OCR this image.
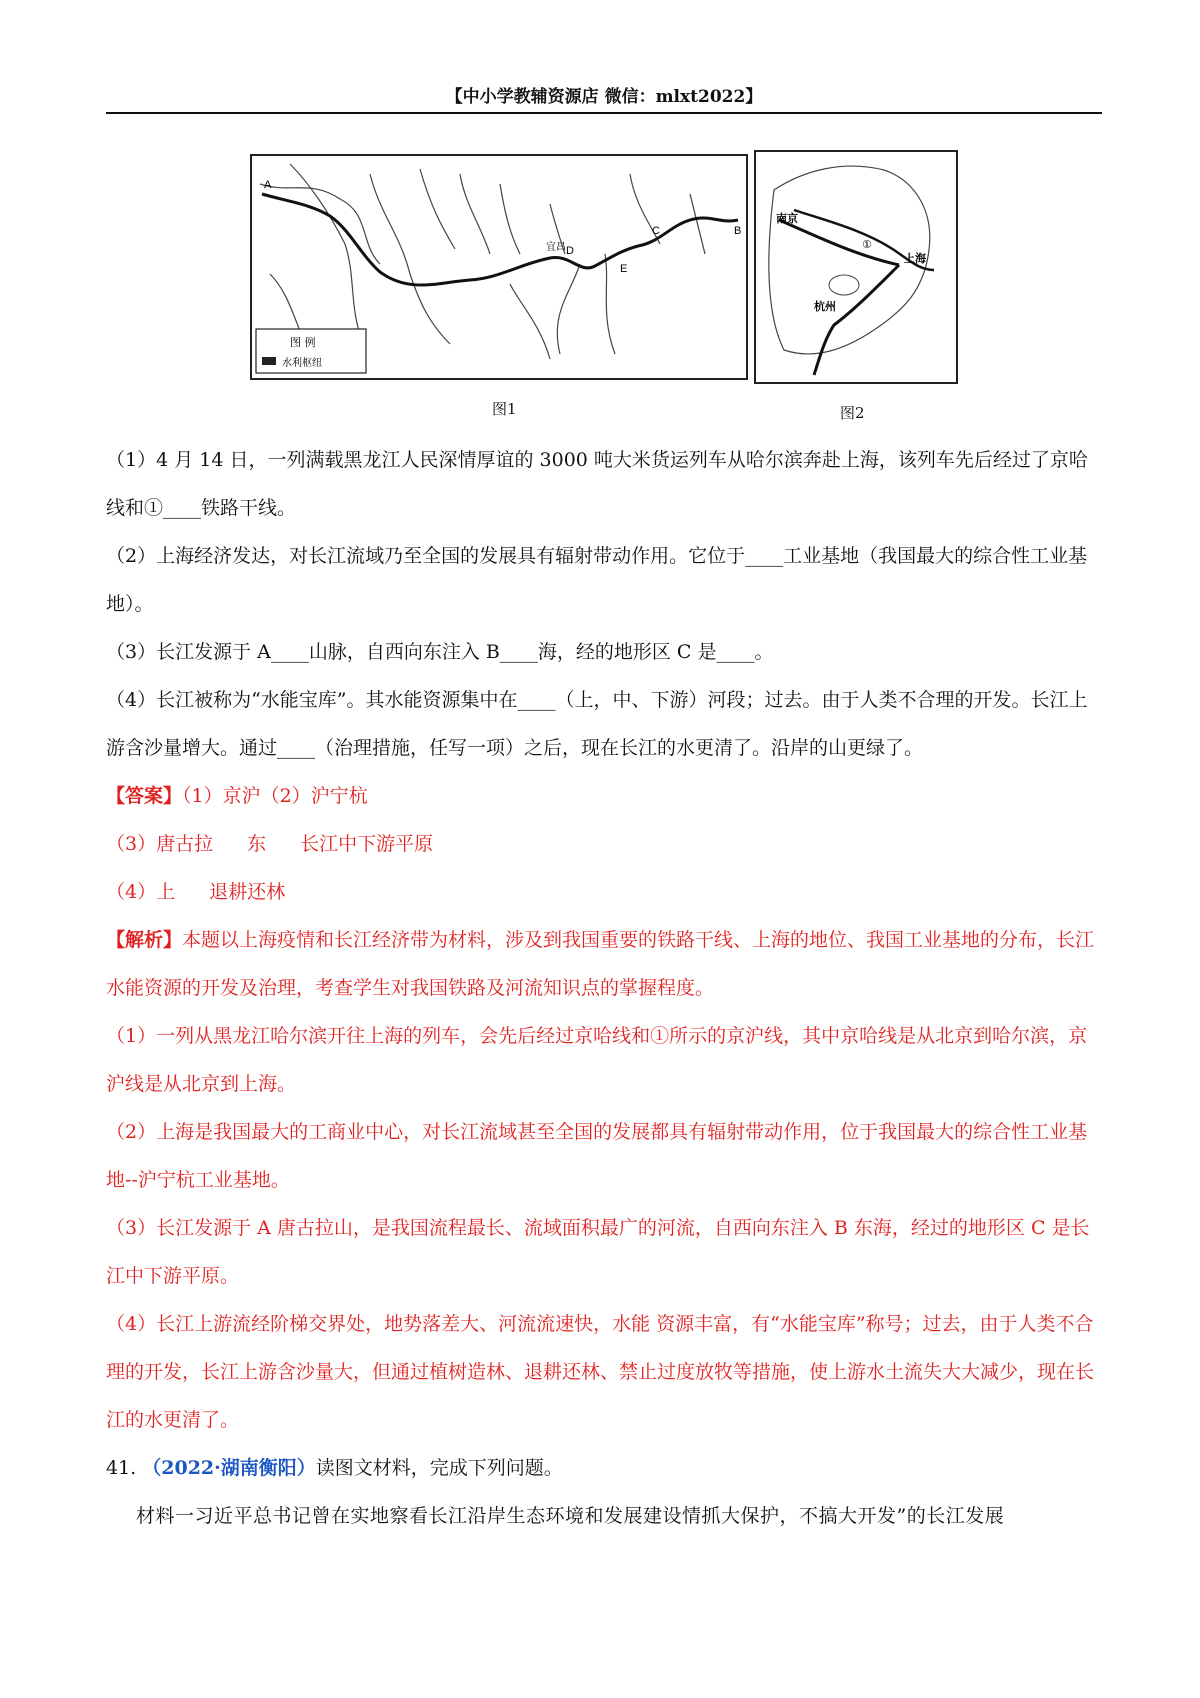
【中小学教辅资源店 微信：mlxt2022】
A
B
C
D
E
宜昌
图 例
水利枢纽
南京
上海
杭州
①
图1	图2

（1）4 月 14 日，一列满载黑龙江人民深情厚谊的 3000 吨大米货运列车从哈尔滨奔赴上海，该列车先后经过了京哈线和①____铁路干线。

（2）上海经济发达，对长江流域乃至全国的发展具有辐射带动作用。它位于____工业基地（我国最大的综合性工业基地）。

（3）长江发源于 A____山脉，自西向东注入 B____海，经的地形区 C 是____。

（4）长江被称为“水能宝库”。其水能资源集中在____（上，中、下游）河段；过去。由于人类不合理的开发。长江上游含沙量增大。通过____（治理措施，任写一项）之后，现在长江的水更清了。沿岸的山更绿了。

【答案】（1）京沪（2）沪宁杭

（3）唐古拉 东 长江中下游平原

（4）上 退耕还林

【解析】本题以上海疫情和长江经济带为材料，涉及到我国重要的铁路干线、上海的地位、我国工业基地的分布，长江水能资源的开发及治理，考查学生对我国铁路及河流知识点的掌握程度。

（1）一列从黑龙江哈尔滨开往上海的列车，会先后经过京哈线和①所示的京沪线，其中京哈线是从北京到哈尔滨，京沪线是从北京到上海。

（2）上海是我国最大的工商业中心，对长江流域甚至全国的发展都具有辐射带动作用，位于我国最大的综合性工业基地--沪宁杭工业基地。

（3）长江发源于 A 唐古拉山，是我国流程最长、流域面积最广的河流，自西向东注入 B 东海，经过的地形区 C 是长江中下游平原。

（4）长江上游流经阶梯交界处，地势落差大、河流流速快，水能 资源丰富，有“水能宝库”称号；过去，由于人类不合理的开发，长江上游含沙量大，但通过植树造林、退耕还林、禁止过度放牧等措施，使上游水土流失大大减少，现在长江的水更清了。

41. （2022·湖南衡阳）读图文材料，完成下列问题。

材料一习近平总书记曾在实地察看长江沿岸生态环境和发展建设情抓大保护，不搞大开发”的长江发展
